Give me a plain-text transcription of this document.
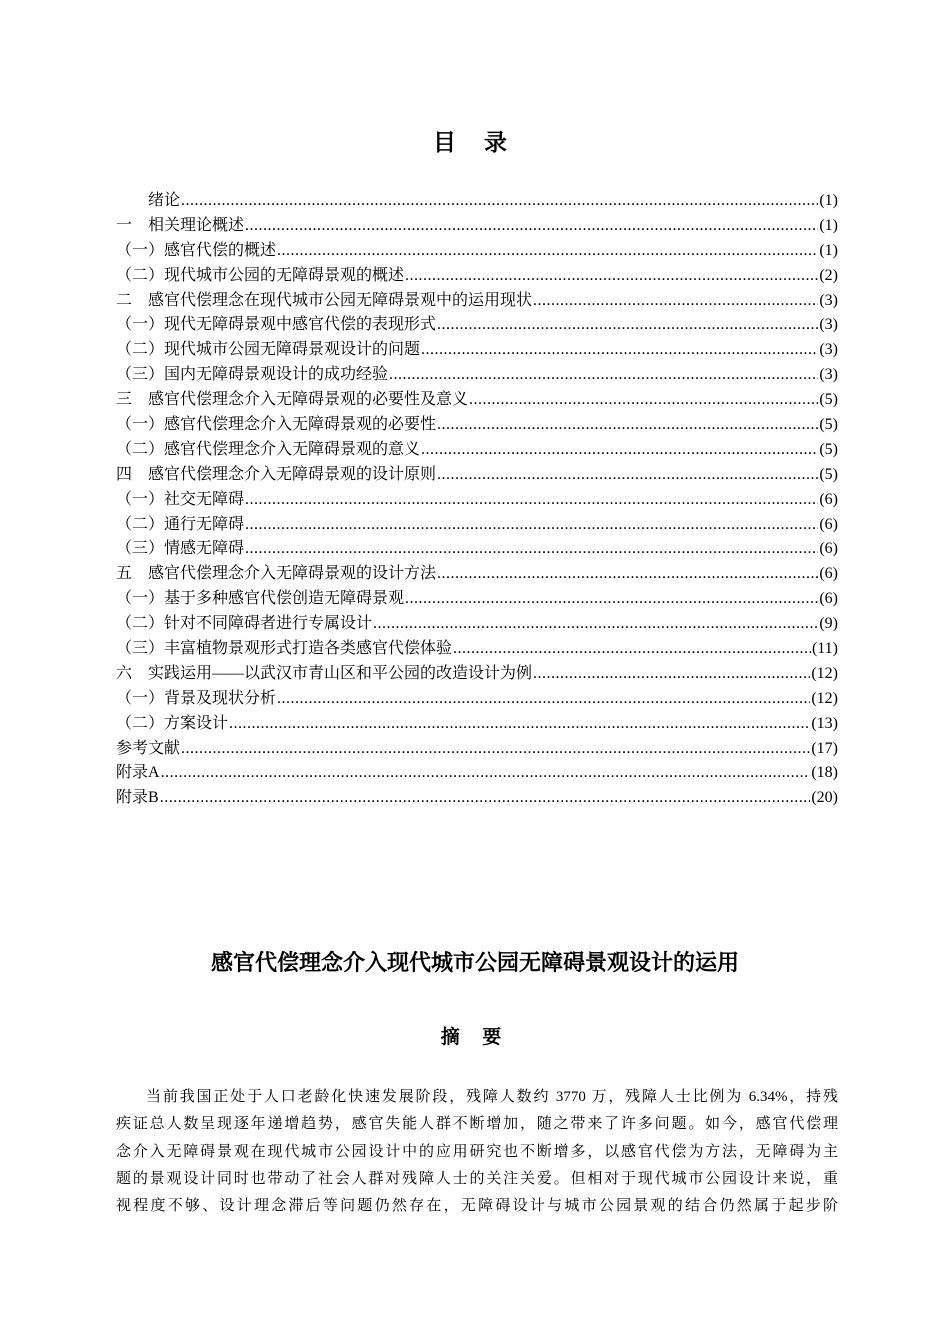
目 录
绪论 .....	(1)
一　相关理论概述 .....	(1)
（一）感官代偿的概述 .....	(1)
（二）现代城市公园的无障碍景观的概述 .....	(2)
二　感官代偿理念在现代城市公园无障碍景观中的运用现状 .....	(3)
（一）现代无障碍景观中感官代偿的表现形式 .....	(3)
（二）现代城市公园无障碍景观设计的问题 .....	(3)
（三）国内无障碍景观设计的成功经验 .....	(3)
三　感官代偿理念介入无障碍景观的必要性及意义 .....	(5)
（一）感官代偿理念介入无障碍景观的必要性 .....	(5)
（二）感官代偿理念介入无障碍景观的意义 .....	(5)
四　感官代偿理念介入无障碍景观的设计原则 .....	(5)
（一）社交无障碍 .....	(6)
（二）通行无障碍 .....	(6)
（三）情感无障碍 .....	(6)
五　感官代偿理念介入无障碍景观的设计方法 .....	(6)
（一）基于多种感官代偿创造无障碍景观 .....	(6)
（二）针对不同障碍者进行专属设计 .....	(9)
（三）丰富植物景观形式打造各类感官代偿体验 .....	(11)
六　实践运用——以武汉市青山区和平公园的改造设计为例 .....	(12)
（一）背景及现状分析 .....	(12)
（二）方案设计 .....	(13)
参考文献 .....	(17)
附录A .....	(18)
附录B .....	(20)
感官代偿理念介入现代城市公园无障碍景观设计的运用
摘 要
当前我国正处于人口老龄化快速发展阶段，残障人数约 3770 万，残障人士比例为 6.34%，持残
疾证总人数呈现逐年递增趋势，感官失能人群不断增加，随之带来了许多问题。如今，感官代偿理
念介入无障碍景观在现代城市公园设计中的应用研究也不断增多，以感官代偿为方法，无障碍为主
题的景观设计同时也带动了社会人群对残障人士的关注关爱。但相对于现代城市公园设计来说，重
视程度不够、设计理念滞后等问题仍然存在，无障碍设计与城市公园景观的结合仍然属于起步阶
